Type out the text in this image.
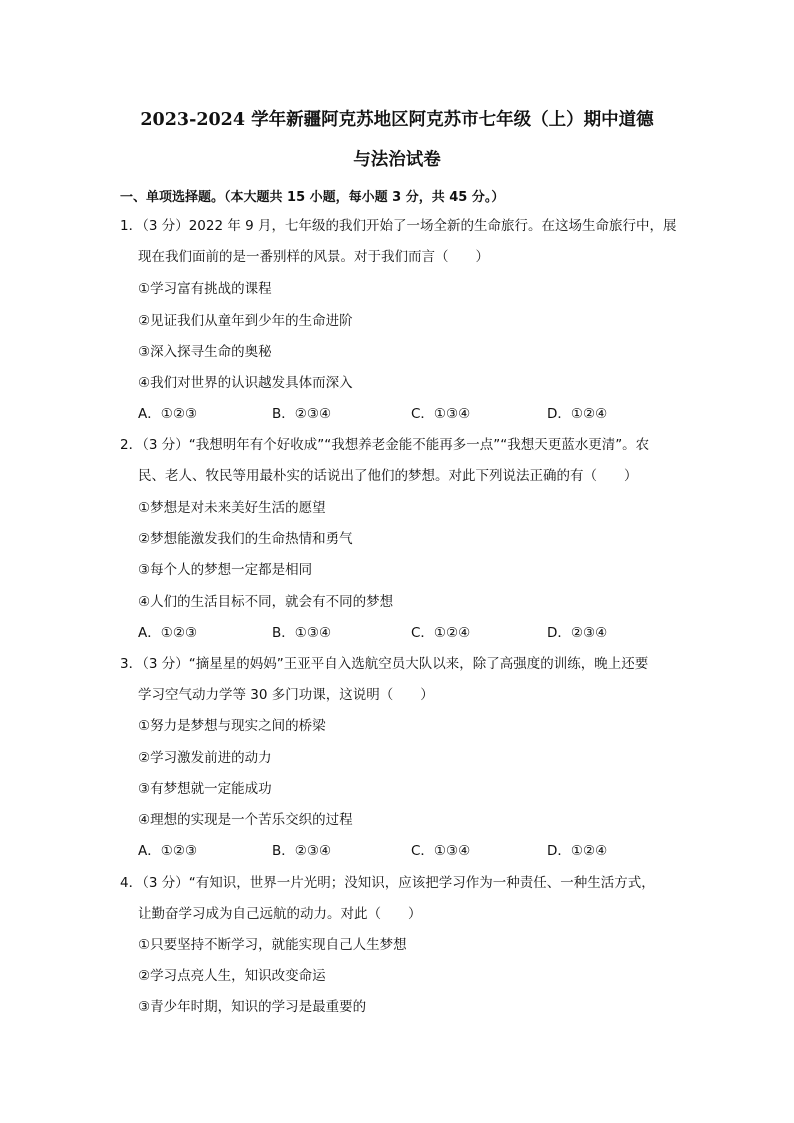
2023-2024 学年新疆阿克苏地区阿克苏市七年级（上）期中道德
与法治试卷
一、单项选择题。（本大题共 15 小题，每小题 3 分，共 45 分。）
1．（3 分）2022 年 9 月，七年级的我们开始了一场全新的生命旅行。在这场生命旅行中，展
现在我们面前的是一番别样的风景。对于我们而言（　　）
①学习富有挑战的课程
②见证我们从童年到少年的生命进阶
③深入探寻生命的奥秘
④我们对世界的认识越发具体而深入
A．①②③	B．②③④	C．①③④	D．①②④
2．（3 分）“我想明年有个好收成”“我想养老金能不能再多一点”“我想天更蓝水更清”。农
民、老人、牧民等用最朴实的话说出了他们的梦想。对此下列说法正确的有（　　）
①梦想是对未来美好生活的愿望
②梦想能激发我们的生命热情和勇气
③每个人的梦想一定都是相同
④人们的生活目标不同，就会有不同的梦想
A．①②③	B．①③④	C．①②④	D．②③④
3．（3 分）“摘星星的妈妈”王亚平自入选航空员大队以来，除了高强度的训练，晚上还要
学习空气动力学等 30 多门功课，这说明（　　）
①努力是梦想与现实之间的桥梁
②学习激发前进的动力
③有梦想就一定能成功
④理想的实现是一个苦乐交织的过程
A．①②③	B．②③④	C．①③④	D．①②④
4．（3 分）“有知识，世界一片光明；没知识，应该把学习作为一种责任、一种生活方式，
让勤奋学习成为自己远航的动力。对此（　　）
①只要坚持不断学习，就能实现自己人生梦想
②学习点亮人生，知识改变命运
③青少年时期，知识的学习是最重要的
